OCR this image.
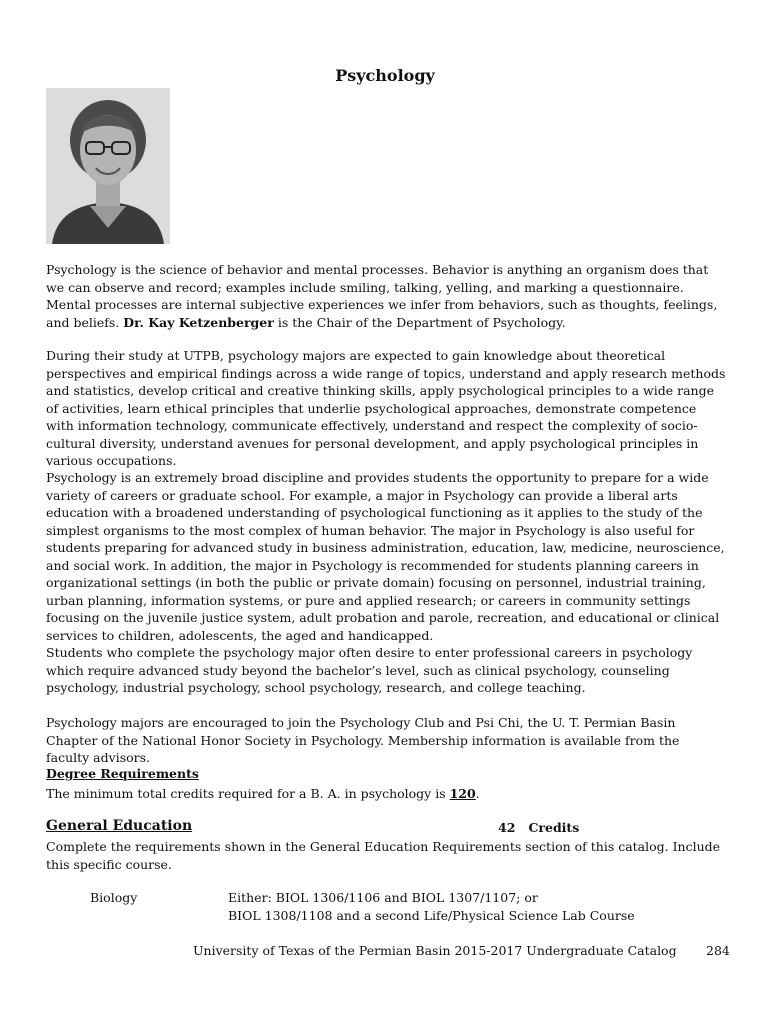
Psychology

Psychology is the science of behavior and mental processes. Behavior is anything an organism does that we can observe and record; examples include smiling, talking, yelling, and marking a questionnaire. Mental processes are internal subjective experiences we infer from behaviors, such as thoughts, feelings, and beliefs. Dr. Kay Ketzenberger is the Chair of the Department of Psychology.

During their study at UTPB, psychology majors are expected to gain knowledge about theoretical perspectives and empirical findings across a wide range of topics, understand and apply research methods and statistics, develop critical and creative thinking skills, apply psychological principles to a wide range of activities, learn ethical principles that underlie psychological approaches, demonstrate competence with information technology, communicate effectively, understand and respect the complexity of socio-cultural diversity, understand avenues for personal development, and apply psychological principles in various occupations.

Psychology is an extremely broad discipline and provides students the opportunity to prepare for a wide variety of careers or graduate school. For example, a major in Psychology can provide a liberal arts education with a broadened understanding of psychological functioning as it applies to the study of the simplest organisms to the most complex of human behavior. The major in Psychology is also useful for students preparing for advanced study in business administration, education, law, medicine, neuroscience, and social work. In addition, the major in Psychology is recommended for students planning careers in organizational settings (in both the public or private domain) focusing on personnel, industrial training, urban planning, information systems, or pure and applied research; or careers in community settings focusing on the juvenile justice system, adult probation and parole, recreation, and educational or clinical services to children, adolescents, the aged and handicapped.

Students who complete the psychology major often desire to enter professional careers in psychology which require advanced study beyond the bachelor’s level, such as clinical psychology, counseling psychology, industrial psychology, school psychology, research, and college teaching.

Psychology majors are encouraged to join the Psychology Club and Psi Chi, the U. T. Permian Basin Chapter of the National Honor Society in Psychology. Membership information is available from the faculty advisors.

Degree Requirements
The minimum total credits required for a B. A. in psychology is 120.
General Education	42   Credits

Complete the requirements shown in the General Education Requirements section of this catalog. Include this specific course.

Biology	Either: BIOL 1306/1106 and BIOL 1307/1107; or
BIOL 1308/1108 and a second Life/Physical Science Lab Course
University of Texas of the Permian Basin 2015-2017 Undergraduate Catalog 284
